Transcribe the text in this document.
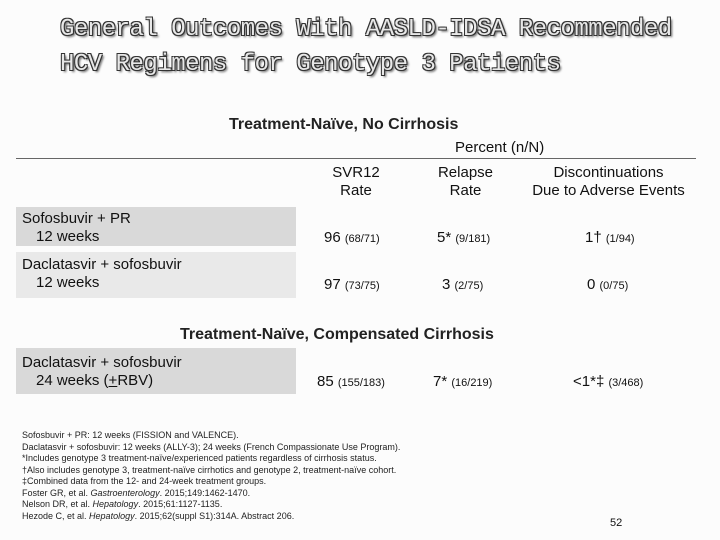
General Outcomes With AASLD-IDSA Recommended
HCV Regimens for Genotype 3 Patients
Treatment-Naïve, No Cirrhosis
Percent (n/N)
SVR12
Rate
Relapse
Rate
Discontinuations
Due to Adverse Events
Sofosbuvir + PR
12 weeks	96 (68/71)	5* (9/181)	1† (1/94)
Daclatasvir + sofosbuvir
12 weeks	97 (73/75)	3 (2/75)	0 (0/75)
Treatment-Naïve, Compensated Cirrhosis
Daclatasvir + sofosbuvir
24 weeks (+RBV)	85 (155/183)	7* (16/219)	<1*‡ (3/468)
Sofosbuvir + PR: 12 weeks (FISSION and VALENCE).
Daclatasvir + sofosbuvir: 12 weeks (ALLY-3); 24 weeks (French Compassionate Use Program).
*Includes genotype 3 treatment-naïve/experienced patients regardless of cirrhosis status.
†Also includes genotype 3, treatment-naïve cirrhotics and genotype 2, treatment-naïve cohort.
‡Combined data from the 12- and 24-week treatment groups.
Foster GR, et al. Gastroenterology. 2015;149:1462-1470.
Nelson DR, et al. Hepatology. 2015;61:1127-1135.
Hezode C, et al. Hepatology. 2015;62(suppl S1):314A. Abstract 206.
52
